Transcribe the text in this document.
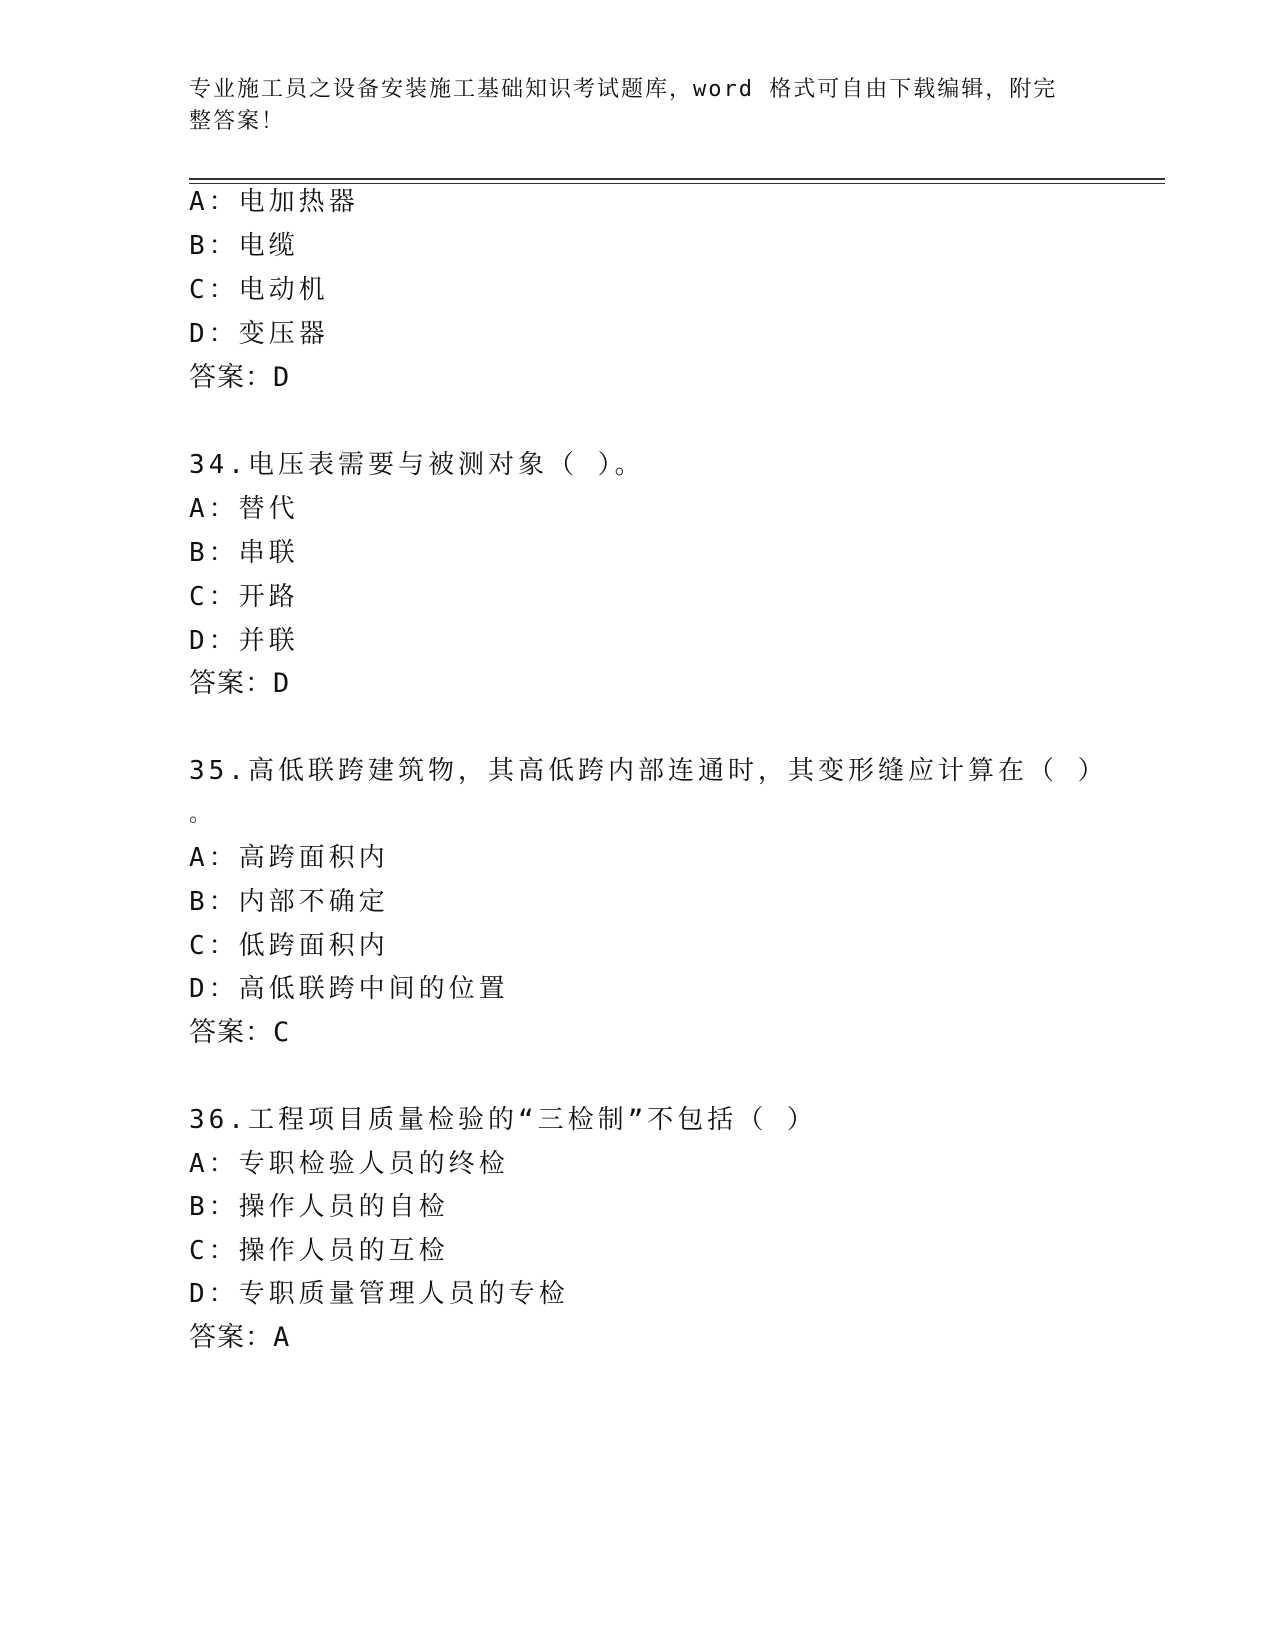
专业施工员之设备安装施工基础知识考试题库，word 格式可自由下载编辑，附完
整答案！
A：电加热器
B：电缆
C：电动机
D：变压器
答案：D
34.电压表需要与被测对象（ ）。
A：替代
B：串联
C：开路
D：并联
答案：D
35.高低联跨建筑物，其高低跨内部连通时，其变形缝应计算在（ ）
。
A：高跨面积内
B：内部不确定
C：低跨面积内
D：高低联跨中间的位置
答案：C
36.工程项目质量检验的“三检制”不包括（ ）
A：专职检验人员的终检
B：操作人员的自检
C：操作人员的互检
D：专职质量管理人员的专检
答案：A
